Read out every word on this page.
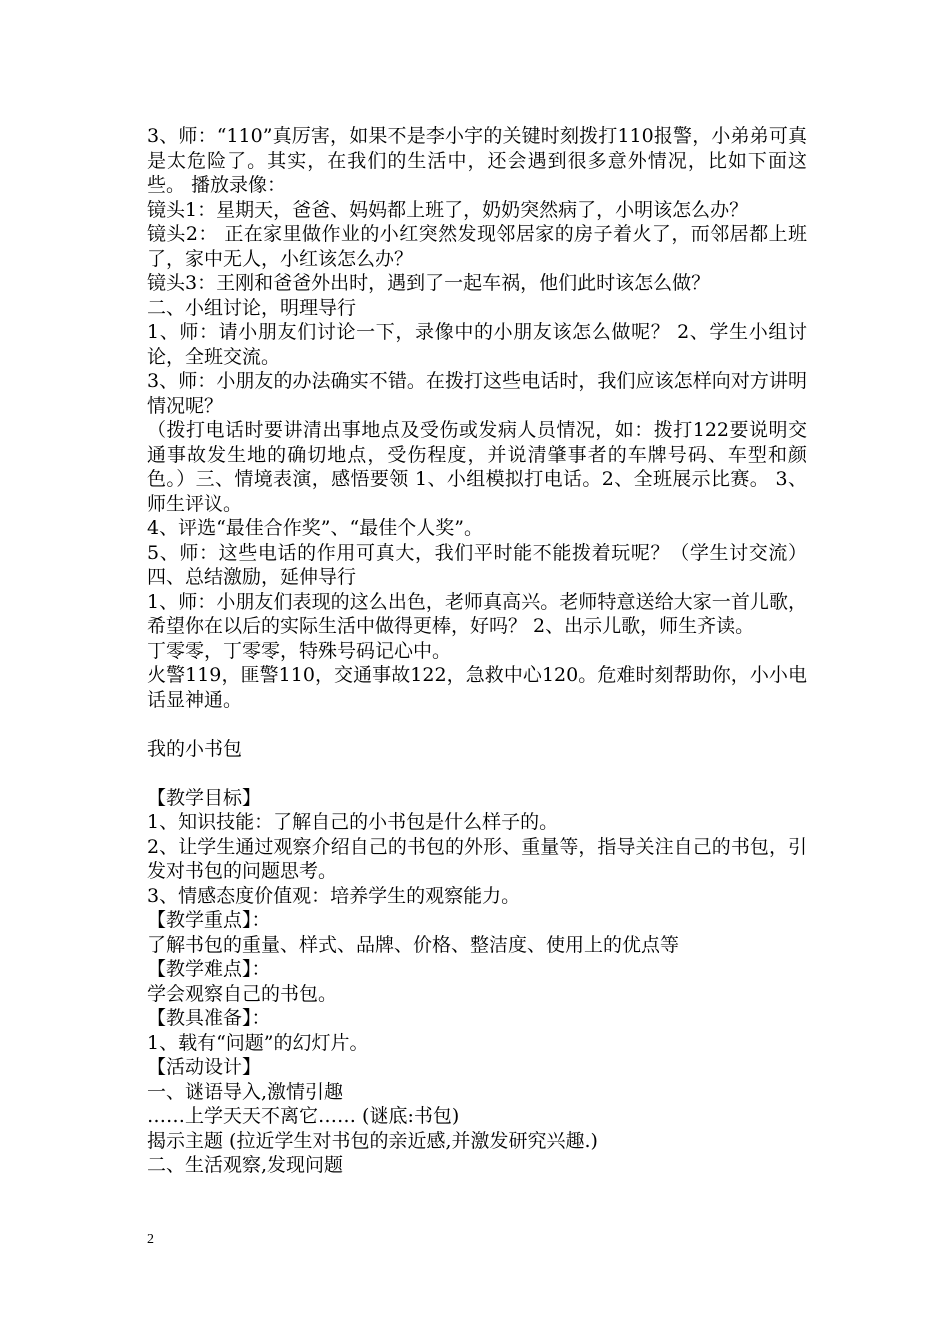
3、师：“110”真厉害，如果不是李小宇的关键时刻拨打110报警，小弟弟可真是太危险了。其实，在我们的生活中，还会遇到很多意外情况，比如下面这些。 播放录像：

镜头1：星期天，爸爸、妈妈都上班了，奶奶突然病了，小明该怎么办？

镜头2： 正在家里做作业的小红突然发现邻居家的房子着火了，而邻居都上班了，家中无人，小红该怎么办？

镜头3：王刚和爸爸外出时，遇到了一起车祸，他们此时该怎么做？

二、小组讨论，明理导行

1、师：请小朋友们讨论一下，录像中的小朋友该怎么做呢？ 2、学生小组讨论，全班交流。

3、师：小朋友的办法确实不错。在拨打这些电话时，我们应该怎样向对方讲明情况呢？

（拨打电话时要讲清出事地点及受伤或发病人员情况，如：拨打122要说明交通事故发生地的确切地点，受伤程度，并说清肇事者的车牌号码、车型和颜色。）三、情境表演，感悟要领 1、小组模拟打电话。2、全班展示比赛。 3、师生评议。

4、评选“最佳合作奖”、“最佳个人奖”。

5、师：这些电话的作用可真大，我们平时能不能拨着玩呢？（学生讨交流） 四、总结激励，延伸导行

1、师：小朋友们表现的这么出色，老师真高兴。老师特意送给大家一首儿歌，希望你在以后的实际生活中做得更棒，好吗？ 2、出示儿歌，师生齐读。

丁零零，丁零零，特殊号码记心中。

火警119，匪警110，交通事故122，急救中心120。危难时刻帮助你，小小电话显神通。

我的小书包

【教学目标】

1、知识技能：了解自己的小书包是什么样子的。

2、让学生通过观察介绍自己的书包的外形、重量等，指导关注自己的书包，引发对书包的问题思考。

3、情感态度价值观：培养学生的观察能力。

【教学重点】：

了解书包的重量、样式、品牌、价格、整洁度、使用上的优点等

【教学难点】：

学会观察自己的书包。

【教具准备】：

1、载有“问题”的幻灯片。

【活动设计】

一、谜语导入,激情引趣

……上学天天不离它…… (谜底:书包)

揭示主题 (拉近学生对书包的亲近感,并激发研究兴趣.)

二、生活观察,发现问题

2
